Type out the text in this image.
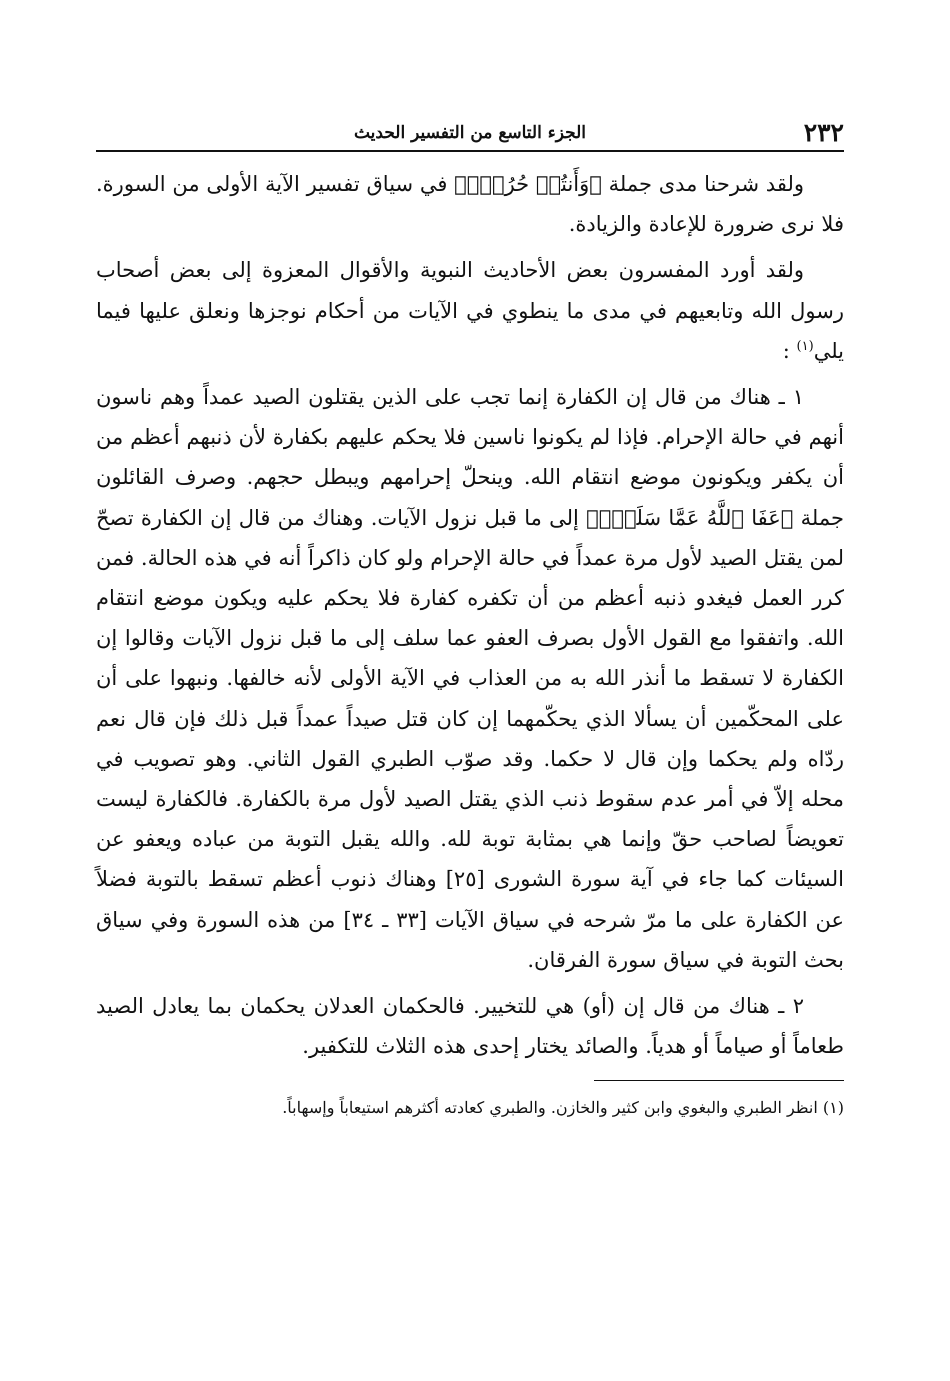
٢٣٢
الجزء التاسع من التفسير الحديث

ولقد شرحنا مدى جملة ﴿وَأَنتُمۡ حُرُمٞۚ﴾ في سياق تفسير الآية الأولى من السورة. فلا نرى ضرورة للإعادة والزيادة.

ولقد أورد المفسرون بعض الأحاديث النبوية والأقوال المعزوة إلى بعض أصحاب رسول الله وتابعيهم في مدى ما ينطوي في الآيات من أحكام نوجزها ونعلق عليها فيما يلي$^{(١)}$ :

١ ـ هناك من قال إن الكفارة إنما تجب على الذين يقتلون الصيد عمداً وهم ناسون أنهم في حالة الإحرام. فإذا لم يكونوا ناسين فلا يحكم عليهم بكفارة لأن ذنبهم أعظم من أن يكفر ويكونون موضع انتقام الله. وينحلّ إحرامهم ويبطل حجهم. وصرف القائلون جملة ﴿عَفَا ٱللَّهُ عَمَّا سَلَفَۚ﴾ إلى ما قبل نزول الآيات. وهناك من قال إن الكفارة تصحّ لمن يقتل الصيد لأول مرة عمداً في حالة الإحرام ولو كان ذاكراً أنه في هذه الحالة. فمن كرر العمل فيغدو ذنبه أعظم من أن تكفره كفارة فلا يحكم عليه ويكون موضع انتقام الله. واتفقوا مع القول الأول بصرف العفو عما سلف إلى ما قبل نزول الآيات وقالوا إن الكفارة لا تسقط ما أنذر الله به من العذاب في الآية الأولى لأنه خالفها. ونبهوا على أن على المحكّمين أن يسألا الذي يحكّمهما إن كان قتل صيداً عمداً قبل ذلك فإن قال نعم ردّاه ولم يحكما وإن قال لا حكما. وقد صوّب الطبري القول الثاني. وهو تصويب في محله إلاّ في أمر عدم سقوط ذنب الذي يقتل الصيد لأول مرة بالكفارة. فالكفارة ليست تعويضاً لصاحب حقّ وإنما هي بمثابة توبة لله. والله يقبل التوبة من عباده ويعفو عن السيئات كما جاء في آية سورة الشورى [٢٥] وهناك ذنوب أعظم تسقط بالتوبة فضلاً عن الكفارة على ما مرّ شرحه في سياق الآيات [٣٣ ـ ٣٤] من هذه السورة وفي سياق بحث التوبة في سياق سورة الفرقان.

٢ ـ هناك من قال إن (أو) هي للتخيير. فالحكمان العدلان يحكمان بما يعادل الصيد طعاماً أو صياماً أو هدياً. والصائد يختار إحدى هذه الثلاث للتكفير.

(١) انظر الطبري والبغوي وابن كثير والخازن. والطبري كعادته أكثرهم استيعاباً وإسهاباً.
